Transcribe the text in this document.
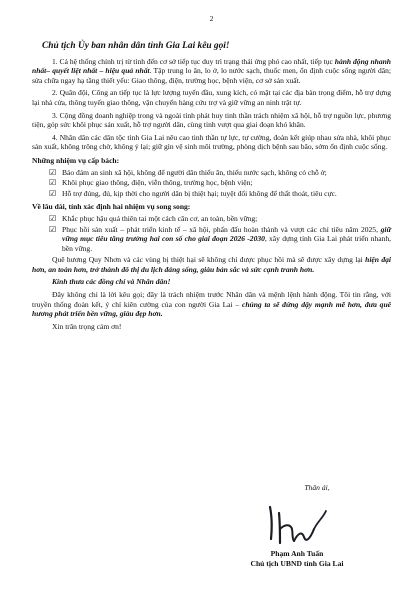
2
Chủ tịch Ủy ban nhân dân tỉnh Gia Lai kêu gọi!

1. Cả hệ thống chính trị từ tỉnh đến cơ sở tiếp tục duy trì trạng thái ứng phó cao nhất, tiếp tục hành động nhanh nhất– quyết liệt nhất – hiệu quả nhất. Tập trung lo ăn, lo ở, lo nước sạch, thuốc men, ổn định cuộc sống người dân; sửa chữa ngay hạ tầng thiết yếu: Giao thông, điện, trường học, bệnh viện, cơ sở sản xuất.

2. Quân đội, Công an tiếp tục là lực lượng tuyến đầu, xung kích, có mặt tại các địa bàn trọng điểm, hỗ trợ dựng lại nhà cửa, thông tuyến giao thông, vận chuyển hàng cứu trợ và giữ vững an ninh trật tự.

3. Cộng đồng doanh nghiệp trong và ngoài tỉnh phát huy tinh thần trách nhiệm xã hội, hỗ trợ nguồn lực, phương tiện, góp sức khôi phục sản xuất, hỗ trợ người dân, cùng tỉnh vượt qua giai đoạn khó khăn.

4. Nhân dân các dân tộc tỉnh Gia Lai nêu cao tinh thần tự lực, tự cường, đoàn kết giúp nhau sửa nhà, khôi phục sản xuất, không trông chờ, không ỷ lại; giữ gìn vệ sinh môi trường, phòng dịch bệnh sau bão, sớm ổn định cuộc sống.

Những nhiệm vụ cấp bách:
☑ Bảo đảm an sinh xã hội, không để người dân thiếu ăn, thiếu nước sạch, không có chỗ ở;
☑ Khôi phục giao thông, điện, viễn thông, trường học, bệnh viện;
☑ Hỗ trợ đúng, đủ, kịp thời cho người dân bị thiệt hại; tuyệt đối không để thất thoát, tiêu cực.
Về lâu dài, tỉnh xác định hai nhiệm vụ song song:
☑ Khắc phục hậu quả thiên tai một cách căn cơ, an toàn, bền vững;
☑ Phục hồi sản xuất – phát triển kinh tế – xã hội, phấn đấu hoàn thành và vượt các chỉ tiêu năm 2025, giữ vững mục tiêu tăng trưởng hai con số cho giai đoạn 2026 -2030, xây dựng tỉnh Gia Lai phát triển nhanh, bền vững.

Quê hương Quy Nhơn và các vùng bị thiệt hại sẽ không chỉ được phục hồi mà sẽ được xây dựng lại hiện đại hơn, an toàn hơn, trở thành đô thị du lịch đáng sống, giàu bản sắc và sức cạnh tranh hơn.

Kính thưa các đồng chí và Nhân dân!

Đây không chỉ là lời kêu gọi; đây là trách nhiệm trước Nhân dân và mệnh lệnh hành động. Tôi tin rằng, với truyền thống đoàn kết, ý chí kiên cường của con người Gia Lai – chúng ta sẽ đứng dậy mạnh mẽ hơn, đưa quê hương phát triển bền vững, giàu đẹp hơn.

Xin trân trọng cảm ơn!
Thân ái,
Phạm Anh Tuấn
Chủ tịch UBND tỉnh Gia Lai
